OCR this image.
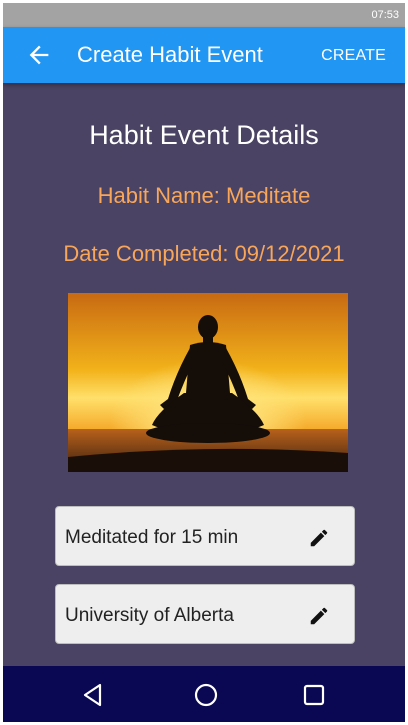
07:53
Create Habit Event	CREATE
Habit Event Details
Habit Name: Meditate
Date Completed: 09/12/2021
Meditated for 15 min
University of Alberta
